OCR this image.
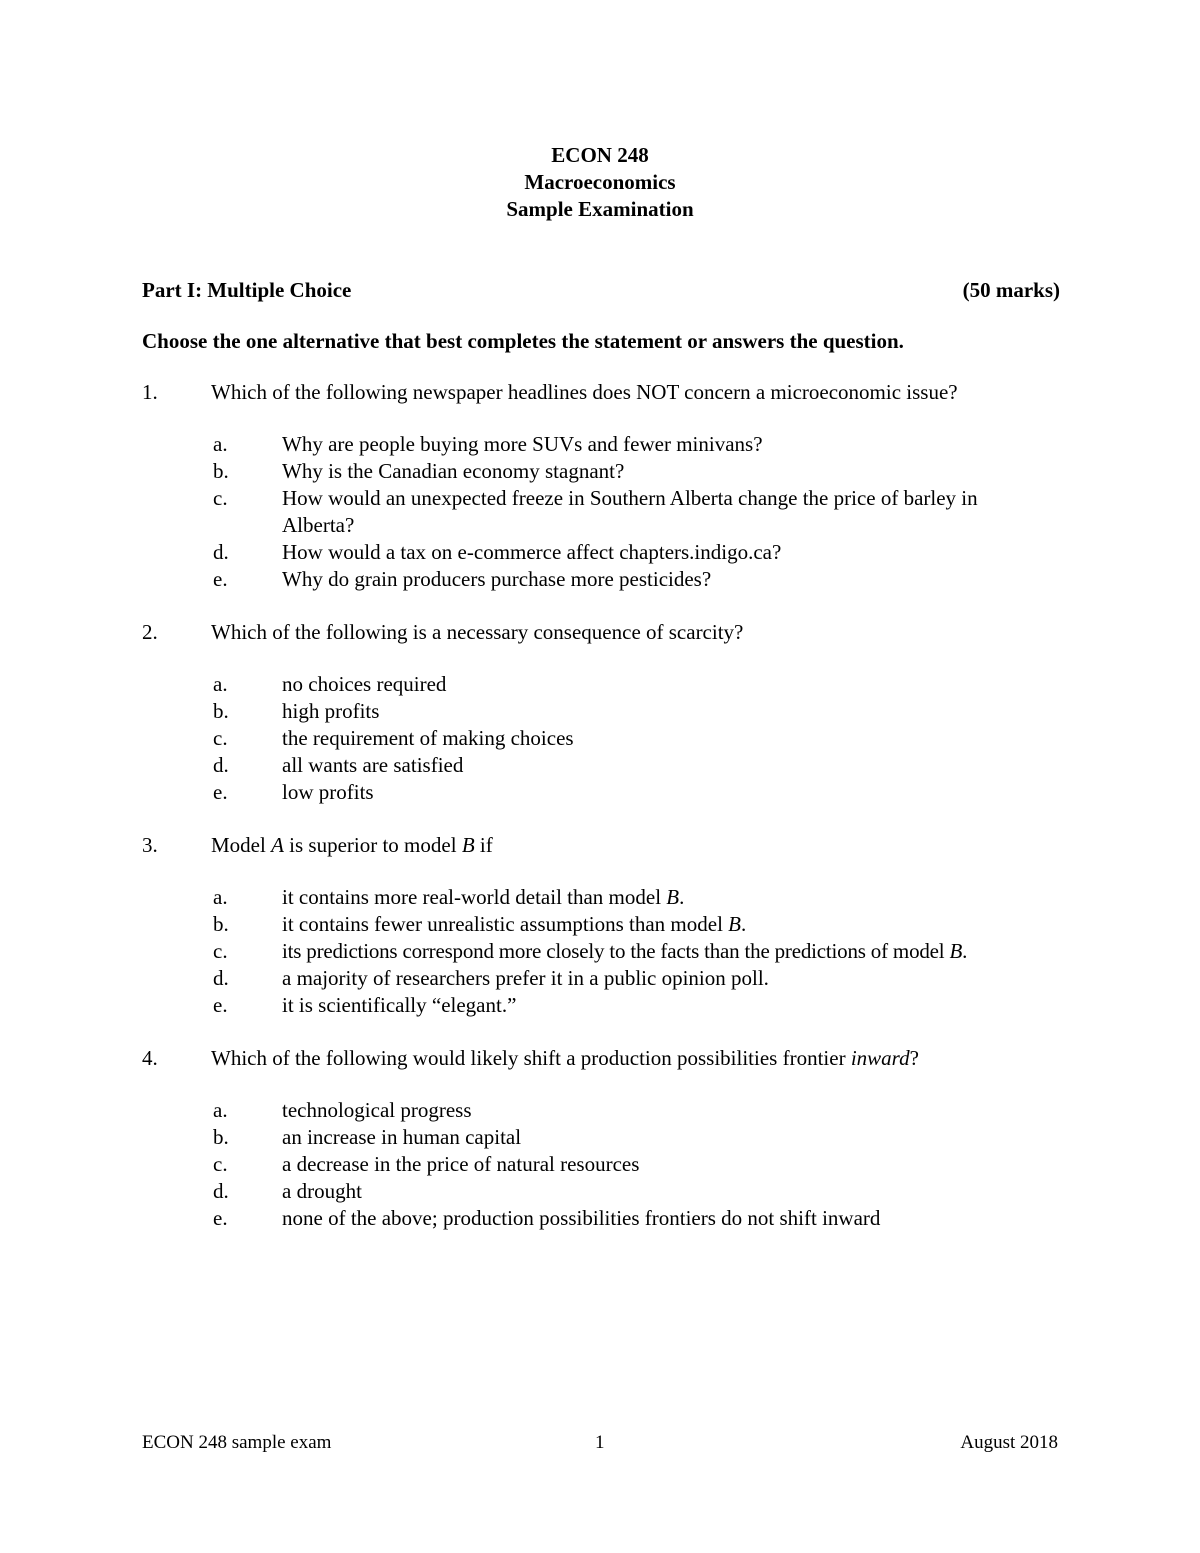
ECON 248
Macroeconomics
Sample Examination
Part I: Multiple Choice	(50 marks)
Choose the one alternative that best completes the statement or answers the question.
1.	Which of the following newspaper headlines does NOT concern a microeconomic issue?
a.	Why are people buying more SUVs and fewer minivans?
b.	Why is the Canadian economy stagnant?
c.	How would an unexpected freeze in Southern Alberta change the price of barley in Alberta?
d.	How would a tax on e-commerce affect chapters.indigo.ca?
e.	Why do grain producers purchase more pesticides?
2.	Which of the following is a necessary consequence of scarcity?
a.	no choices required
b.	high profits
c.	the requirement of making choices
d.	all wants are satisfied
e.	low profits
3.	Model A is superior to model B if
a.	it contains more real-world detail than model B.
b.	it contains fewer unrealistic assumptions than model B.
c.	its predictions correspond more closely to the facts than the predictions of model B.
d.	a majority of researchers prefer it in a public opinion poll.
e.	it is scientifically “elegant.”
4.	Which of the following would likely shift a production possibilities frontier inward?
a.	technological progress
b.	an increase in human capital
c.	a decrease in the price of natural resources
d.	a drought
e.	none of the above; production possibilities frontiers do not shift inward
ECON 248 sample exam	1	August 2018
